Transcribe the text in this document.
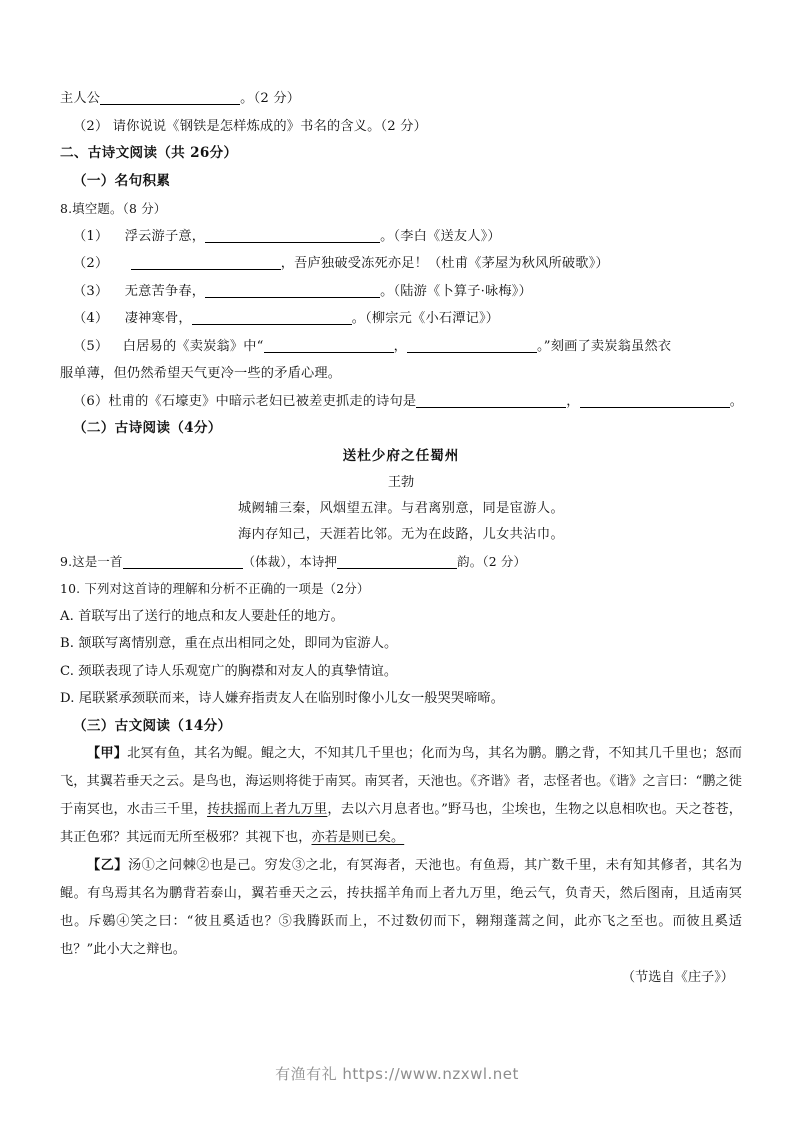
主人公	。（2 分）
（2） 请你说说《钢铁是怎样炼成的》书名的含义。（2 分）
二、古诗文阅读（共 26分）
（一）名句积累
8.填空题。（8 分）
（1） 浮云游子意，	。（李白《送友人》）
（2）	，吾庐独破受冻死亦足！（杜甫《茅屋为秋风所破歌》）
（3） 无意苦争春，	。（陆游《卜算子·咏梅》）
（4） 凄神寒骨，	。（柳宗元《小石潭记》）
（5） 白居易的《卖炭翁》中“	，	。”刻画了卖炭翁虽然衣
服单薄，但仍然希望天气更冷一些的矛盾心理。
（6）杜甫的《石壕吏》中暗示老妇已被差吏抓走的诗句是	，	。
（二）古诗阅读（4分）
送杜少府之任蜀州
王勃
城阙辅三秦，风烟望五津。与君离别意，同是宦游人。
海内存知己，天涯若比邻。无为在歧路，儿女共沾巾。
9.这是一首	（体裁），本诗押	韵。（2 分）
10. 下列对这首诗的理解和分析不正确的一项是（2分）
A. 首联写出了送行的地点和友人要赴任的地方。
B. 颔联写离情别意，重在点出相同之处，即同为宦游人。
C. 颈联表现了诗人乐观宽广的胸襟和对友人的真挚情谊。
D. 尾联紧承颈联而来，诗人嫌弃指责友人在临别时像小儿女一般哭哭啼啼。
（三）古文阅读（14分）
【甲】北冥有鱼，其名为鲲。鲲之大，不知其几千里也；化而为鸟，其名为鹏。鹏之背，不知其几千里也；怒而飞，其翼若垂天之云。是鸟也，海运则将徙于南冥。南冥者，天池也。《齐谐》者，志怪者也。《谐》之言曰：“鹏之徙于南冥也，水击三千里，抟扶摇而上者九万里，去以六月息者也。”野马也，尘埃也，生物之以息相吹也。天之苍苍，其正色邪？其远而无所至极邪？其视下也，亦若是则已矣。
【乙】汤①之问棘②也是己。穷发③之北，有冥海者，天池也。有鱼焉，其广数千里，未有知其修者，其名为鲲。有鸟焉其名为鹏背若泰山，翼若垂天之云，抟扶摇羊角而上者九万里，绝云气，负青天，然后图南，且适南冥也。斥鷃④笑之曰：“彼且奚适也？⑤我腾跃而上，不过数仞而下，翱翔蓬蒿之间，此亦飞之至也。而彼且奚适也？”此小大之辩也。
（节选自《庄子》）
有渔有礼 https://www.nzxwl.net
